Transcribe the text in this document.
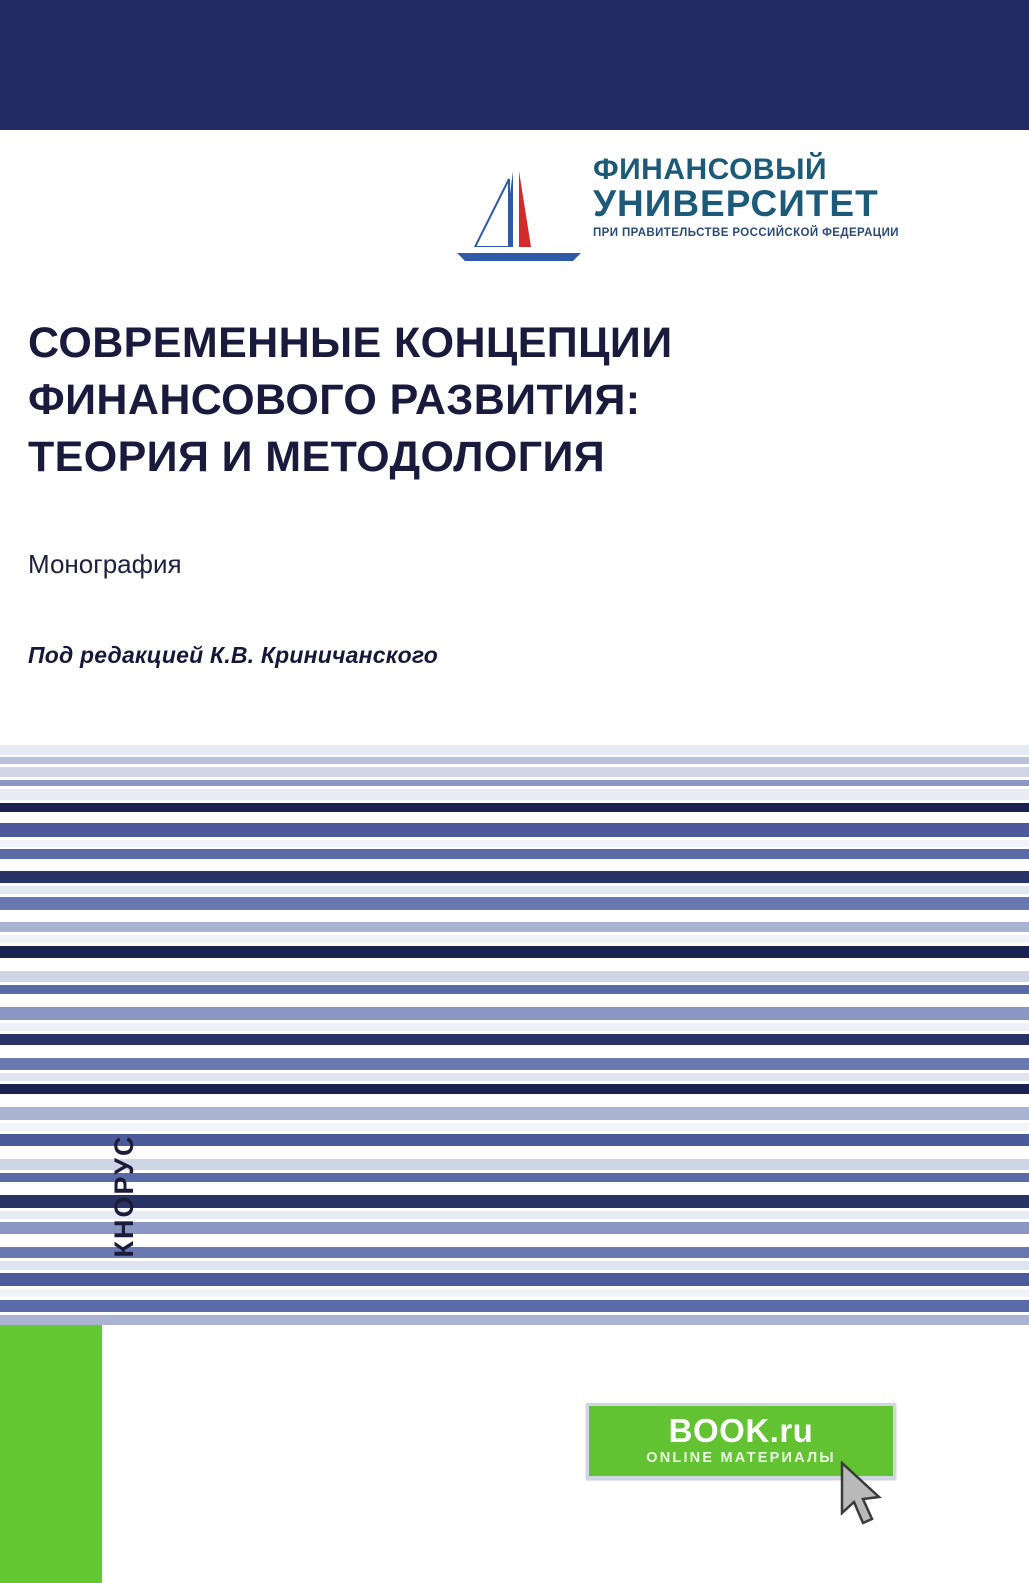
ФИНАНСОВЫЙ
УНИВЕРСИТЕТ
ПРИ ПРАВИТЕЛЬСТВЕ РОССИЙСКОЙ ФЕДЕРАЦИИ
СОВРЕМЕННЫЕ КОНЦЕПЦИИ
ФИНАНСОВОГО РАЗВИТИЯ:
ТЕОРИЯ И МЕТОДОЛОГИЯ
Монография
Под редакцией К.В. Криничанского
КНОРУС
BOOK.ru
ONLINE МАТЕРИАЛЫ
